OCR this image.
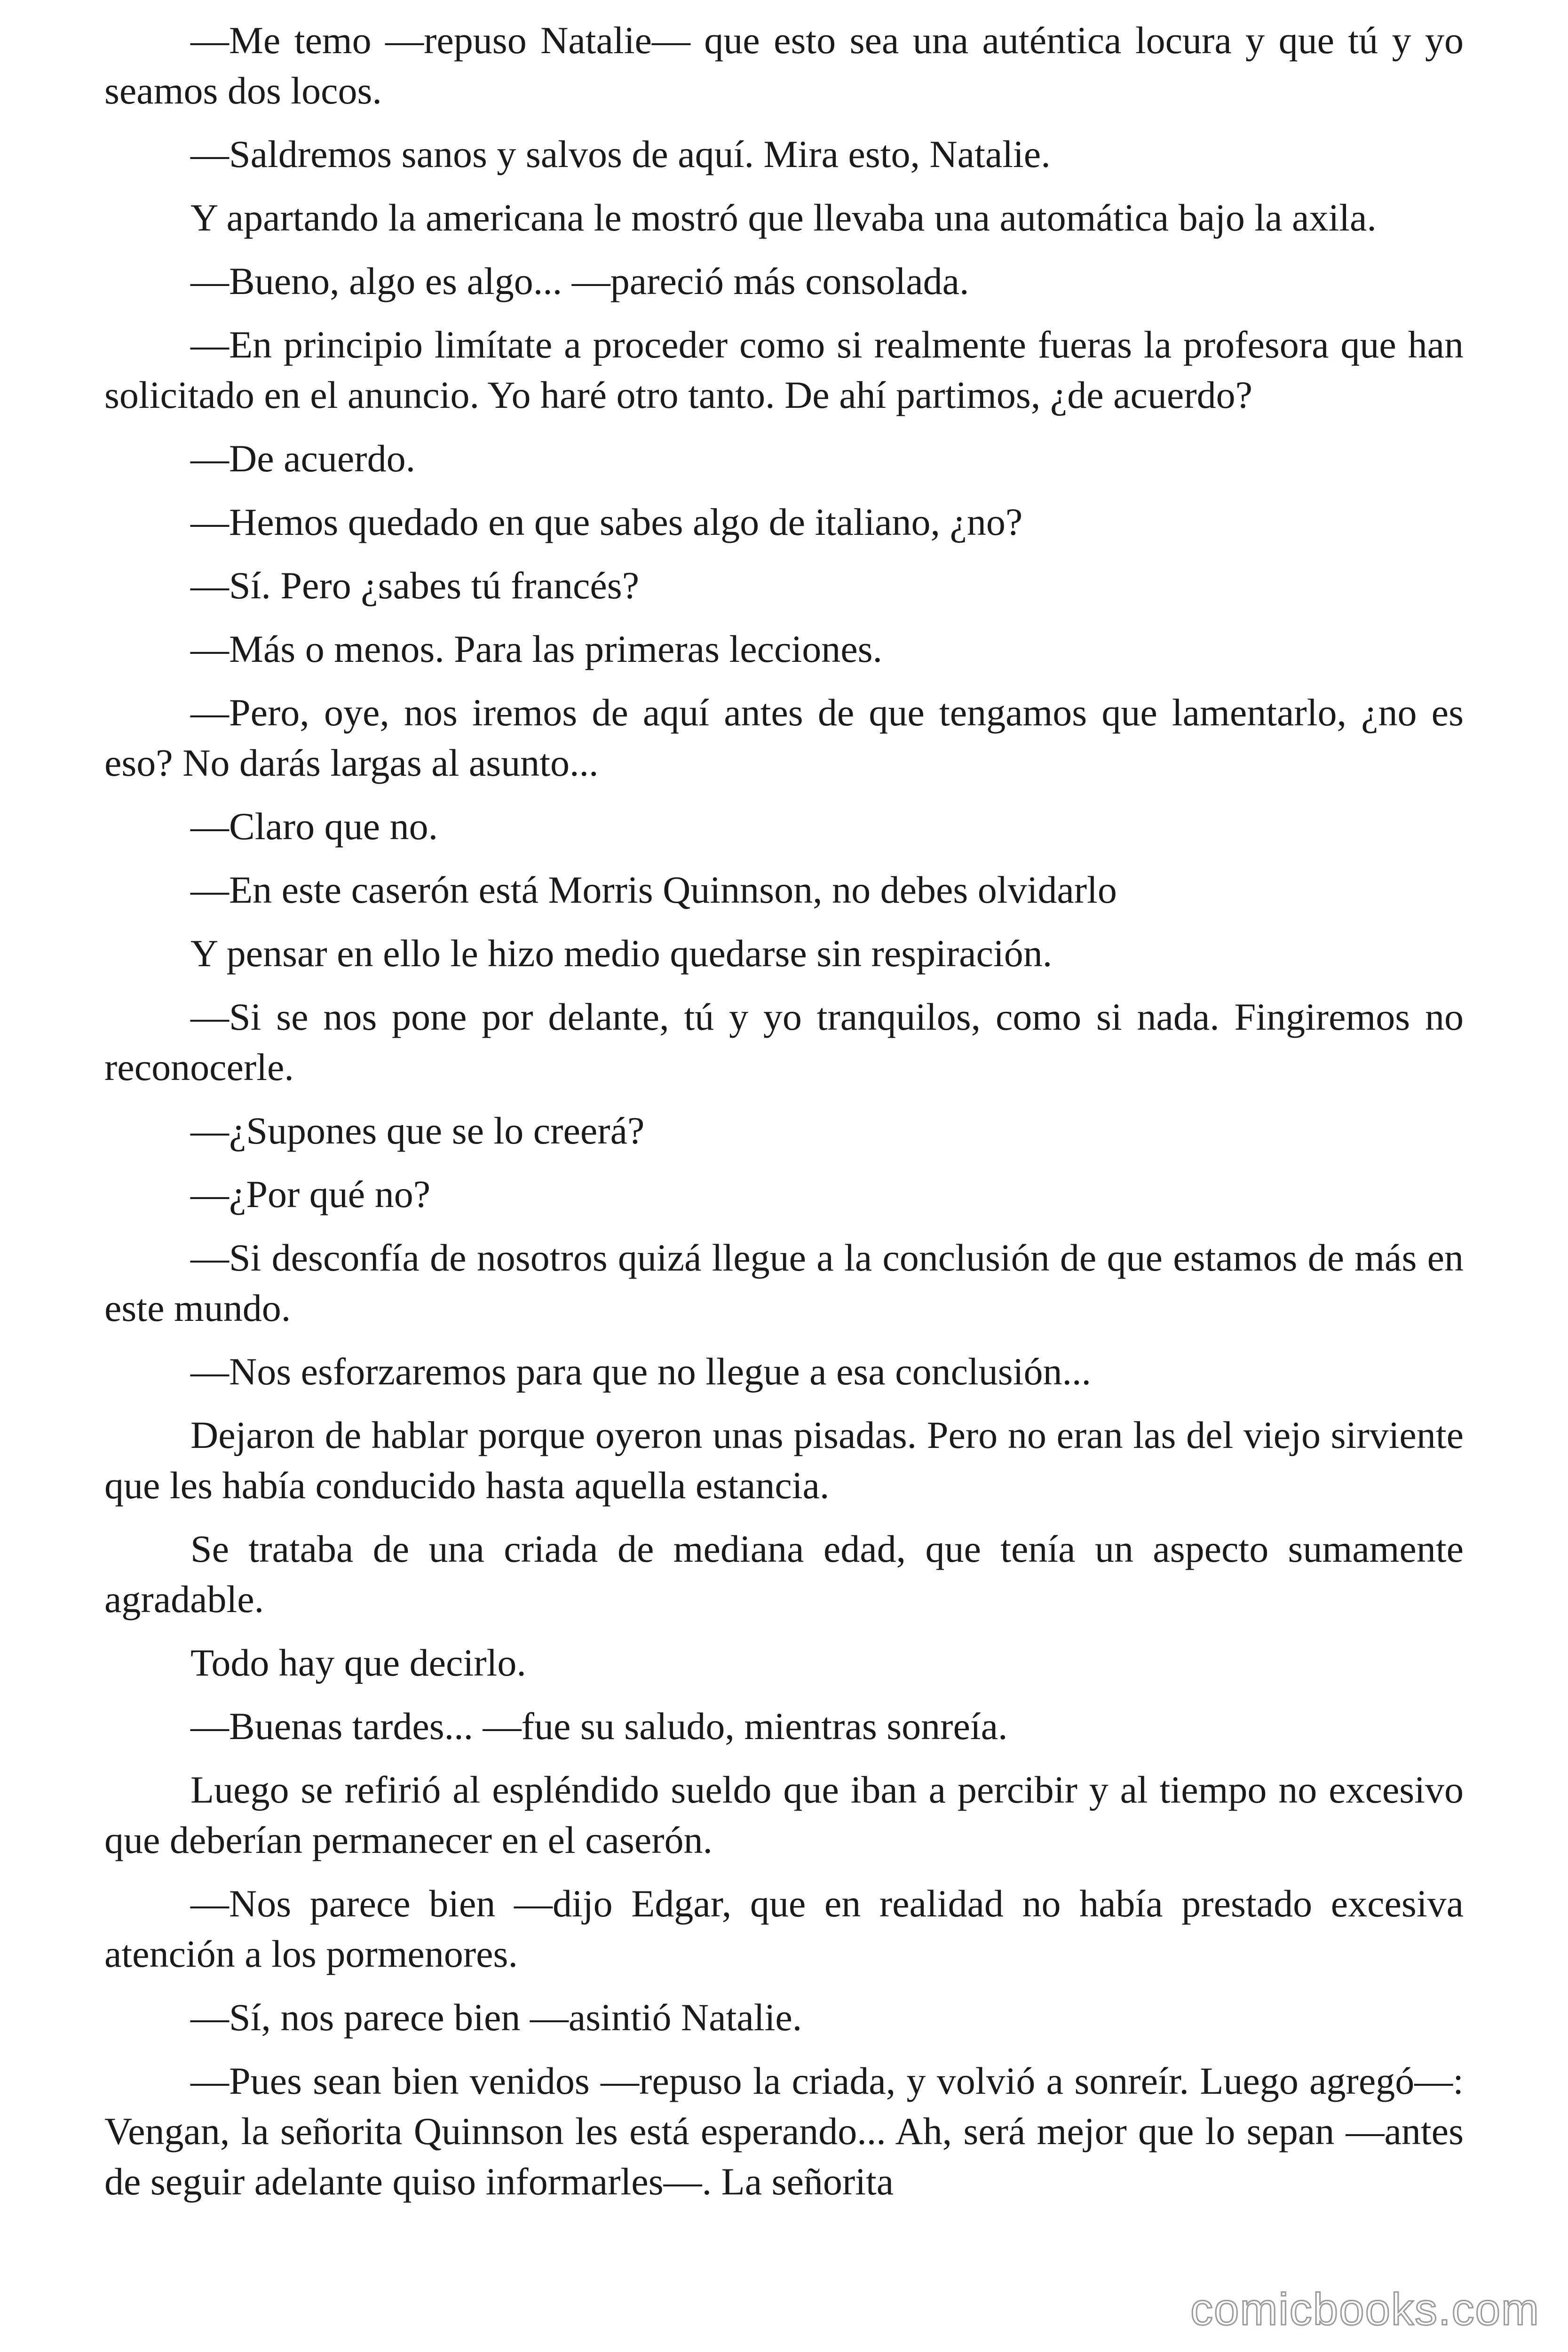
—Me temo —repuso Natalie— que esto sea una auténtica locura y que tú y yo seamos dos locos.

—Saldremos sanos y salvos de aquí. Mira esto, Natalie.

Y apartando la americana le mostró que llevaba una automática bajo la axila.

—Bueno, algo es algo... —pareció más consolada.

—En principio limítate a proceder como si realmente fueras la profesora que han solicitado en el anuncio. Yo haré otro tanto. De ahí partimos, ¿de acuerdo?

—De acuerdo.

—Hemos quedado en que sabes algo de italiano, ¿no?

—Sí. Pero ¿sabes tú francés?

—Más o menos. Para las primeras lecciones.

—Pero, oye, nos iremos de aquí antes de que tengamos que lamentarlo, ¿no es eso? No darás largas al asunto...

—Claro que no.

—En este caserón está Morris Quinnson, no debes olvidarlo

Y pensar en ello le hizo medio quedarse sin respiración.

—Si se nos pone por delante, tú y yo tranquilos, como si nada. Fingiremos no reconocerle.

—¿Supones que se lo creerá?

—¿Por qué no?

—Si desconfía de nosotros quizá llegue a la conclusión de que estamos de más en este mundo.

—Nos esforzaremos para que no llegue a esa conclusión...

Dejaron de hablar porque oyeron unas pisadas. Pero no eran las del viejo sirviente que les había conducido hasta aquella estancia.

Se trataba de una criada de mediana edad, que tenía un aspecto sumamente agradable.

Todo hay que decirlo.

—Buenas tardes... —fue su saludo, mientras sonreía.

Luego se refirió al espléndido sueldo que iban a percibir y al tiempo no excesivo que deberían permanecer en el caserón.

—Nos parece bien —dijo Edgar, que en realidad no había prestado excesiva atención a los pormenores.

—Sí, nos parece bien —asintió Natalie.

—Pues sean bien venidos —repuso la criada, y volvió a sonreír. Luego agregó—: Vengan, la señorita Quinnson les está esperando... Ah, será mejor que lo sepan —antes de seguir adelante quiso informarles—. La señorita

comicbooks.com
